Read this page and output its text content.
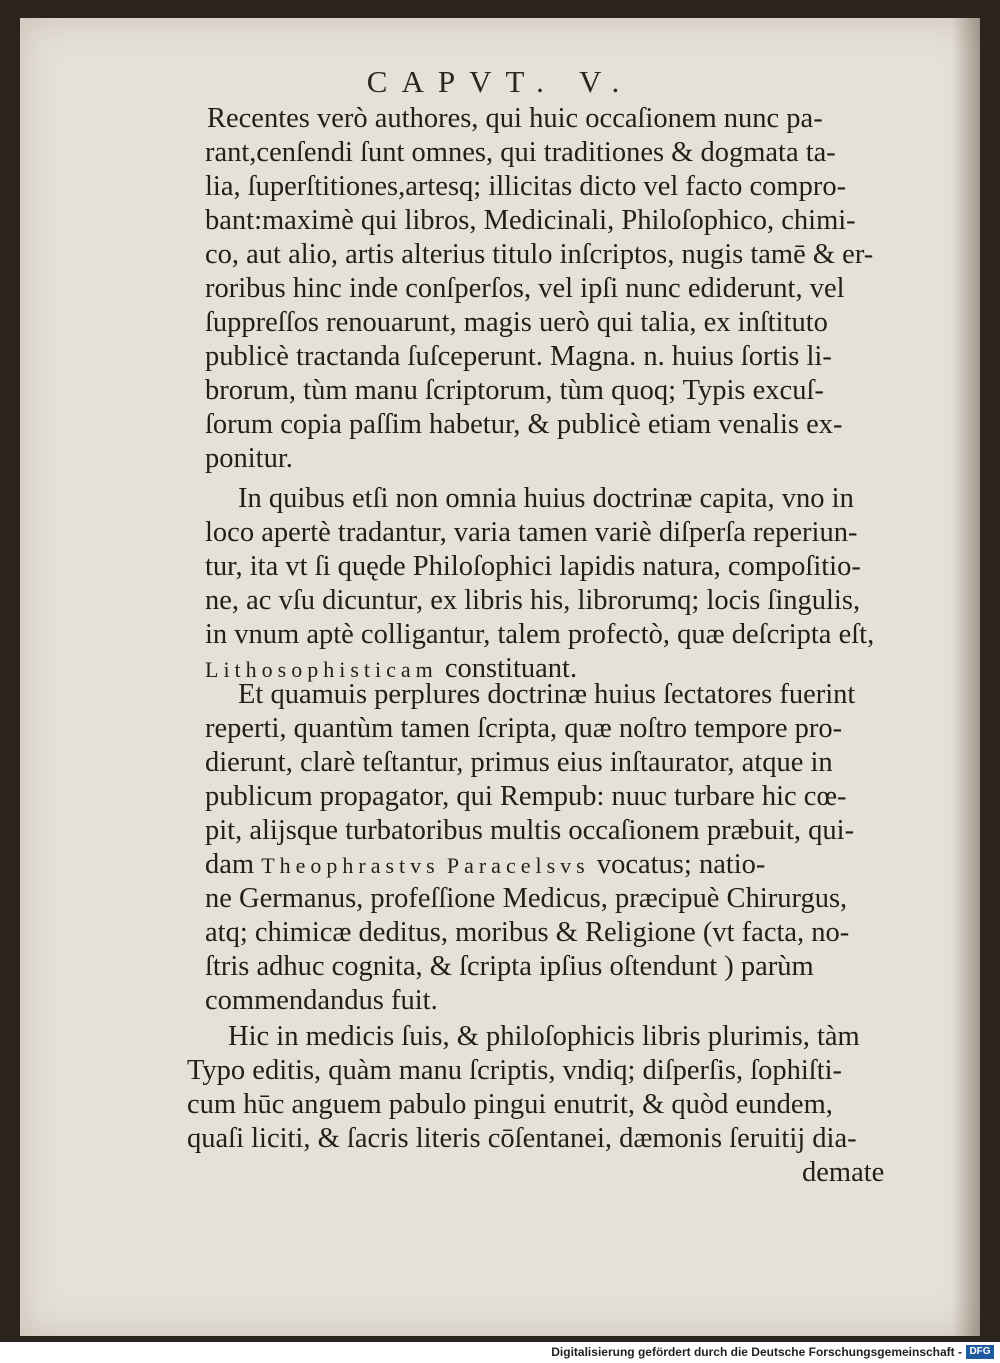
CAPVT. V.
Recentes verò authores, qui huic occaſionem nunc pa-
rant,cenſendi ſunt omnes, qui traditiones & dogmata ta-
lia, ſuperſtitiones,artesq; illicitas dicto vel facto compro-
bant:maximè qui libros, Medicinali, Philoſophico, chimi-
co, aut alio, artis alterius titulo inſcriptos, nugis tamē & er-
roribus hinc inde conſperſos, vel ipſi nunc ediderunt, vel
ſuppreſſos renouarunt, magis uerò qui talia, ex inſtituto
publicè tractanda ſuſceperunt. Magna. n. huius ſortis li-
brorum, tùm manu ſcriptorum, tùm quoq; Typis excuſ-
ſorum copia paſſim habetur, & publicè etiam venalis ex-
ponitur.
In quibus etſi non omnia huius doctrinæ capita, vno in
loco apertè tradantur, varia tamen variè diſperſa reperiun-
tur, ita vt ſi quęde Philoſophici lapidis natura, compoſitio-
ne, ac vſu dicuntur, ex libris his, librorumq; locis ſingulis,
in vnum aptè colligantur, talem profectò, quæ deſcripta eſt,
Lithosophisticam constituant.
Et quamuis perplures doctrinæ huius ſectatores fuerint
reperti, quantùm tamen ſcripta, quæ noſtro tempore pro-
dierunt, clarè teſtantur, primus eius inſtaurator, atque in
publicum propagator, qui Rempub: nuuc turbare hic cœ-
pit, alijsque turbatoribus multis occaſionem præbuit, qui-
dam Theophrastvs Paracelsvs vocatus; natio-
ne Germanus, profeſſione Medicus, præcipuè Chirurgus,
atq; chimicæ deditus, moribus & Religione (vt facta, no-
ſtris adhuc cognita, & ſcripta ipſius oſtendunt ) parùm
commendandus fuit.
Hic in medicis ſuis, & philoſophicis libris plurimis, tàm
Typo editis, quàm manu ſcriptis, vndiq; diſperſis, ſophiſti-
cum hūc anguem pabulo pingui enutrit, & quòd eundem,
quaſi liciti, & ſacris literis cōſentanei, dæmonis ſeruitij dia-
demate
Digitalisierung gefördert durch die Deutsche Forschungsgemeinschaft - DFG
